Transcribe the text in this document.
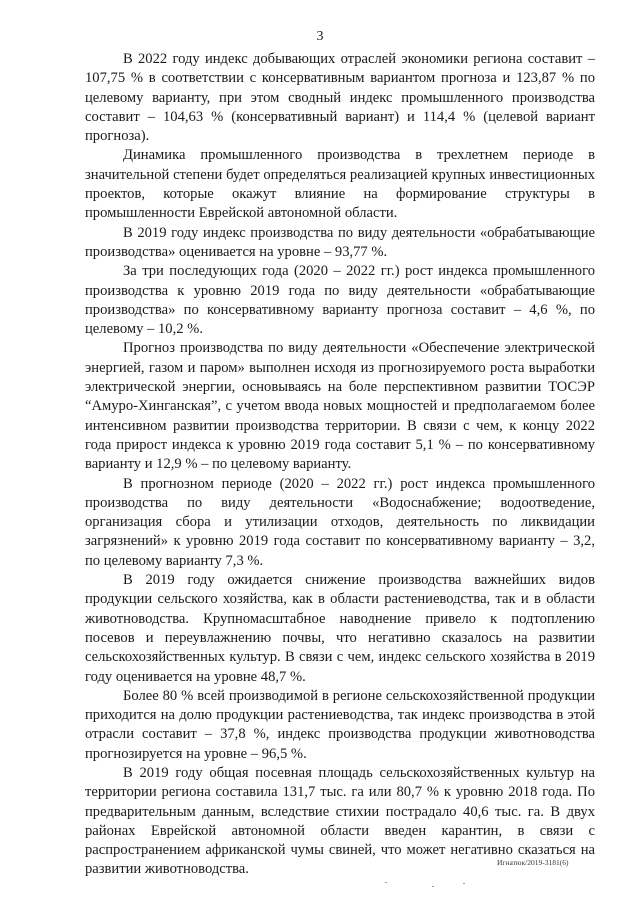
3

В 2022 году индекс добывающих отраслей экономики региона составит – 107,75 % в соответствии с консервативным вариантом прогноза и 123,87 % по целевому варианту, при этом сводный индекс промышленного производства составит – 104,63 % (консервативный вариант) и 114,4 % (целевой вариант прогноза).

Динамика промышленного производства в трехлетнем периоде в значительной степени будет определяться реализацией крупных инвестиционных проектов, которые окажут влияние на формирование структуры в промышленности Еврейской автономной области.

В 2019 году индекс производства по виду деятельности «обрабатывающие производства» оценивается на уровне – 93,77 %.

За три последующих года (2020 – 2022 гг.) рост индекса промышленного производства к уровню 2019 года по виду деятельности «обрабатывающие производства» по консервативному варианту прогноза составит – 4,6 %, по целевому – 10,2 %.

Прогноз производства по виду деятельности «Обеспечение электрической энергией, газом и паром» выполнен исходя из прогнозируемого роста выработки электрической энергии, основываясь на боле перспективном развитии ТОСЭР “Амуро-Хинганская”, с учетом ввода новых мощностей и предполагаемом более интенсивном развитии производства территории. В связи с чем, к концу 2022 года прирост индекса к уровню 2019 года составит 5,1 % – по консервативному варианту и 12,9 % – по целевому варианту.

В прогнозном периоде (2020 – 2022 гг.) рост индекса промышленного производства по виду деятельности «Водоснабжение; водоотведение, организация сбора и утилизации отходов, деятельность по ликвидации загрязнений» к уровню 2019 года составит по консервативному варианту – 3,2, по целевому варианту 7,3 %.

В 2019 году ожидается снижение производства важнейших видов продукции сельского хозяйства, как в области растениеводства, так и в области животноводства. Крупномасштабное наводнение привело к подтоплению посевов и переувлажнению почвы, что негативно сказалось на развитии сельскохозяйственных культур. В связи с чем, индекс сельского хозяйства в 2019 году оценивается на уровне 48,7 %.

Более 80 % всей производимой в регионе сельскохозяйственной продукции приходится на долю продукции растениеводства, так индекс производства в этой отрасли составит – 37,8 %, индекс производства продукции животноводства прогнозируется на уровне – 96,5 %.

В 2019 году общая посевная площадь сельскохозяйственных культур на территории региона составила 131,7 тыс. га или 80,7 % к уровню 2018 года. По предварительным данным, вследствие стихии пострадало 40,6 тыс. га. В двух районах Еврейской автономной области введен карантин, в связи с распространением африканской чумы свиней, что может негативно сказаться на развитии животноводства.	Игнатюк/2019-3181(6)
